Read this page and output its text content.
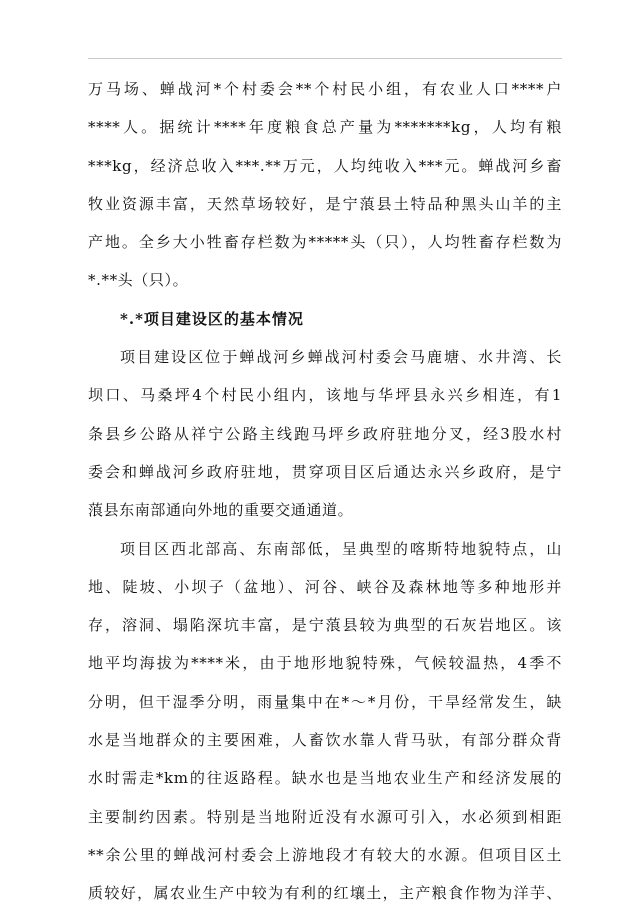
万马场、蝉战河*个村委会**个村民小组，有农业人口****户
****人。据统计****年度粮食总产量为*******kg，人均有粮
***kg，经济总收入***.**万元，人均纯收入***元。蝉战河乡畜
牧业资源丰富，天然草场较好，是宁蒗县土特品种黑头山羊的主
产地。全乡大小牲畜存栏数为*****头（只），人均牲畜存栏数为
*.**头（只）。
*.*项目建设区的基本情况
项目建设区位于蝉战河乡蝉战河村委会马鹿塘、水井湾、长
坝口、马桑坪4个村民小组内，该地与华坪县永兴乡相连，有1
条县乡公路从祥宁公路主线跑马坪乡政府驻地分叉，经3股水村
委会和蝉战河乡政府驻地，贯穿项目区后通达永兴乡政府，是宁
蒗县东南部通向外地的重要交通通道。
项目区西北部高、东南部低，呈典型的喀斯特地貌特点，山
地、陡坡、小坝子（盆地）、河谷、峡谷及森林地等多种地形并
存，溶洞、塌陷深坑丰富，是宁蒗县较为典型的石灰岩地区。该
地平均海拔为****米，由于地形地貌特殊，气候较温热，4季不
分明，但干湿季分明，雨量集中在*～*月份，干旱经常发生，缺
水是当地群众的主要困难，人畜饮水靠人背马驮，有部分群众背
水时需走*km的往返路程。缺水也是当地农业生产和经济发展的
主要制约因素。特别是当地附近没有水源可引入，水必须到相距
**余公里的蝉战河村委会上游地段才有较大的水源。但项目区土
质较好，属农业生产中较为有利的红壤土，主产粮食作物为洋芋、
